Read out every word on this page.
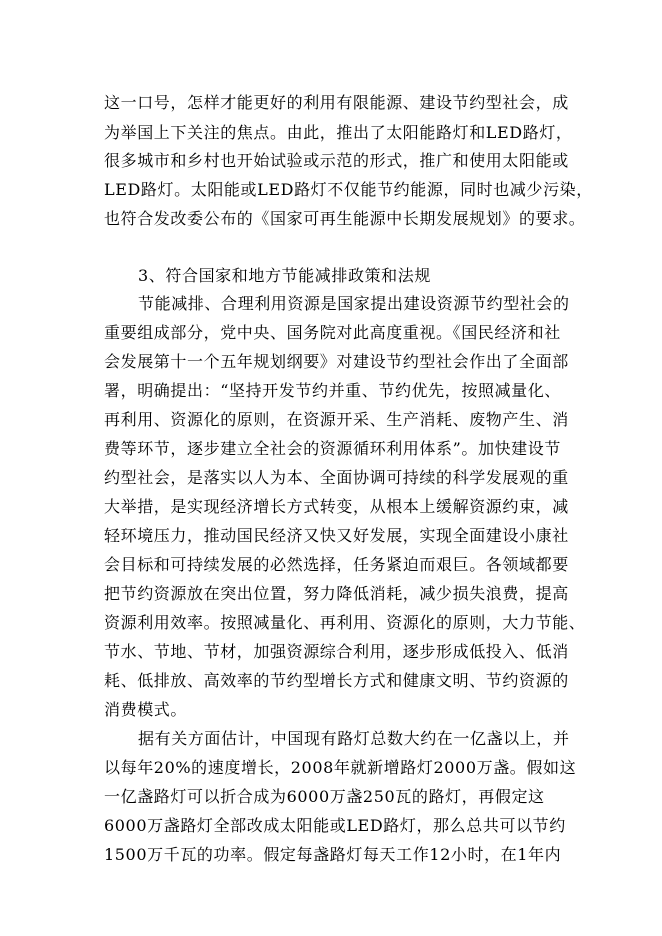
这一口号，怎样才能更好的利用有限能源、建设节约型社会，成
为举国上下关注的焦点。由此，推出了太阳能路灯和LED路灯，
很多城市和乡村也开始试验或示范的形式，推广和使用太阳能或
LED路灯。太阳能或LED路灯不仅能节约能源，同时也减少污染，
也符合发改委公布的《国家可再生能源中长期发展规划》的要求。
3、符合国家和地方节能减排政策和法规
节能减排、合理利用资源是国家提出建设资源节约型社会的
重要组成部分，党中央、国务院对此高度重视。《国民经济和社
会发展第十一个五年规划纲要》对建设节约型社会作出了全面部
署，明确提出：“坚持开发节约并重、节约优先，按照减量化、
再利用、资源化的原则，在资源开采、生产消耗、废物产生、消
费等环节，逐步建立全社会的资源循环利用体系”。加快建设节
约型社会，是落实以人为本、全面协调可持续的科学发展观的重
大举措，是实现经济增长方式转变，从根本上缓解资源约束，减
轻环境压力，推动国民经济又快又好发展，实现全面建设小康社
会目标和可持续发展的必然选择，任务紧迫而艰巨。各领域都要
把节约资源放在突出位置，努力降低消耗，减少损失浪费，提高
资源利用效率。按照减量化、再利用、资源化的原则，大力节能、
节水、节地、节材，加强资源综合利用，逐步形成低投入、低消
耗、低排放、高效率的节约型增长方式和健康文明、节约资源的
消费模式。
据有关方面估计，中国现有路灯总数大约在一亿盏以上，并
以每年20%的速度增长，2008年就新增路灯2000万盏。假如这
一亿盏路灯可以折合成为6000万盏250瓦的路灯，再假定这
6000万盏路灯全部改成太阳能或LED路灯，那么总共可以节约
1500万千瓦的功率。假定每盏路灯每天工作12小时，在1年内
